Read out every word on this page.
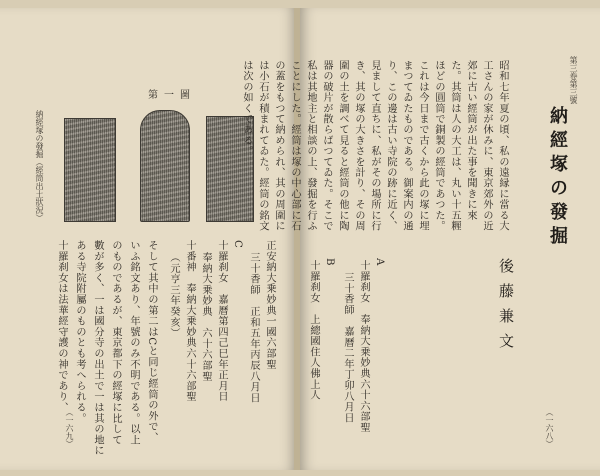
第一圖
納經塚の發掘（經筒出土狀況）
正安納大乗妙典一國六部聖
三十香師　正和五年丙辰八月日
C
十羅刹女　嘉曆第四己巳年正月日
奉納大乗妙典　六十六部聖
十番神　奉納大乗妙典六十六部聖
（元亨三年癸亥）
そして其中の第二はCと同じ經筒の外で、
いふ銘文あり、年號のみ不明である。以上
のものであるが、東京都下の經塚に比して
數が多く、一は國分寺の出土で一は其の地に
ある寺院附屬のものとも考へられる。
十羅刹女は法華經守護の神であり、
（一六九）
第三卷第三號
納經塚の發掘
昭和七年夏の頃、私の遠縁に當る大工さんの家が休みに、東京郊外の近郊に古い經筒が出た事を聞きに來た。其筒は人の大工は、丸い十五糎ほどの圓筒で銅製の經筒であつた。これは今日まで古くから此の塚に埋まつてゐたものである。御案内の通り、この邊は古い寺院の跡に近く、見まして直ちに、私がその場所に行き、其の塚の大きさを計り、その周圍の土を調べて見ると經筒の他に陶器の破片が散らばつてゐた。そこで私は其地主と相談の上、發掘を行ふことにした。經筒は塚の中心部に石の蓋をもつて納められ、其の周圍には小石が積まれてゐた。經筒の銘文は次の如くである。
後藤兼文
A
十羅刹女　奉納大乗妙典六十六部聖
三十香師　嘉曆二年丁卯八月日
B
十羅刹女　上總國住人佛上人
（一六八）
